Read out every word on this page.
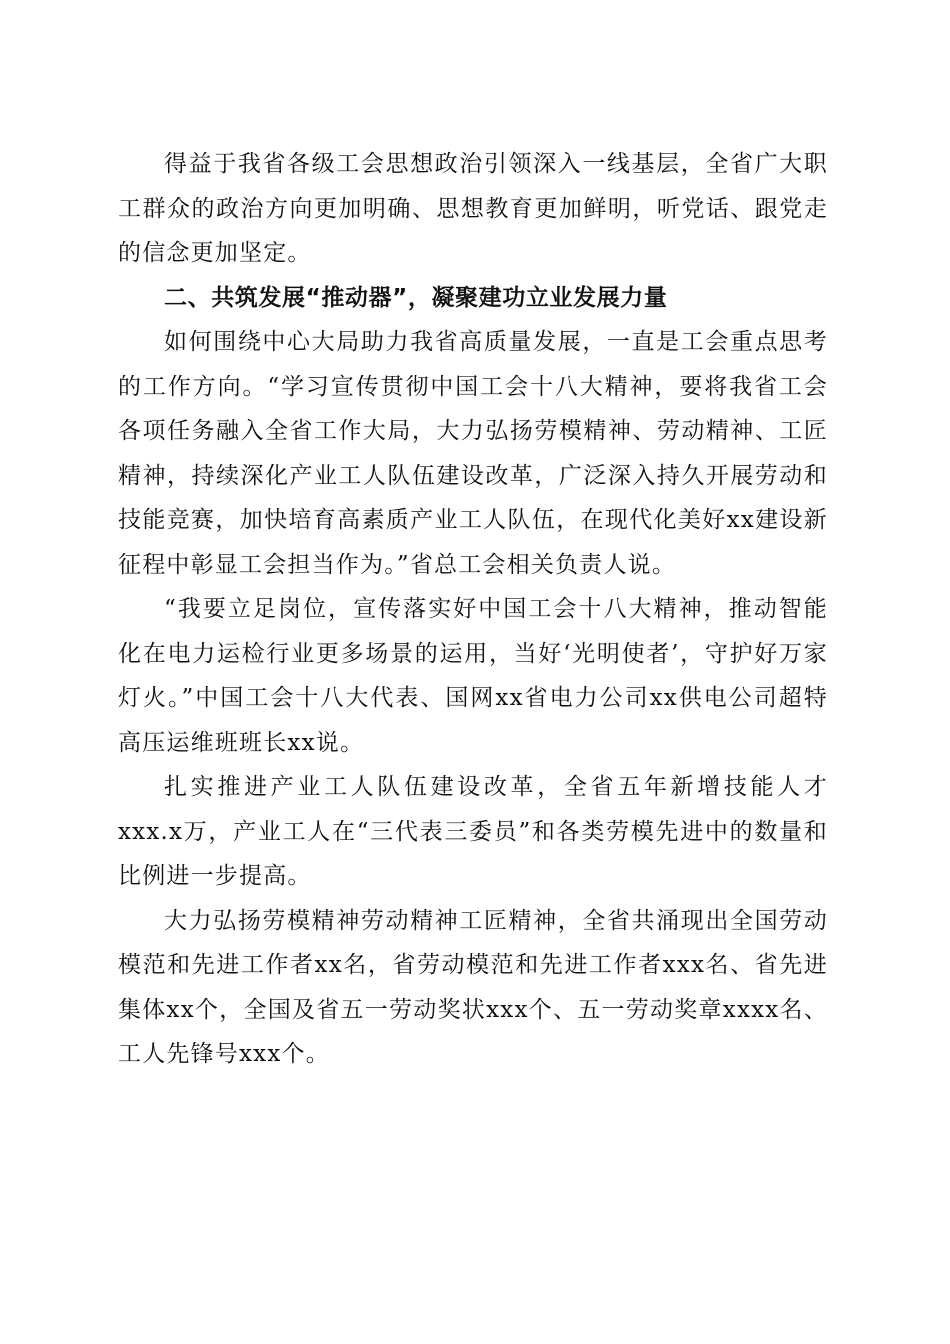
得益于我省各级工会思想政治引领深入一线基层，全省广大职工群众的政治方向更加明确、思想教育更加鲜明，听党话、跟党走的信念更加坚定。

二、共筑发展“推动器”，凝聚建功立业发展力量

如何围绕中心大局助力我省高质量发展，一直是工会重点思考的工作方向。“学习宣传贯彻中国工会十八大精神，要将我省工会各项任务融入全省工作大局，大力弘扬劳模精神、劳动精神、工匠精神，持续深化产业工人队伍建设改革，广泛深入持久开展劳动和技能竞赛，加快培育高素质产业工人队伍，在现代化美好xx建设新征程中彰显工会担当作为。”省总工会相关负责人说。

“我要立足岗位，宣传落实好中国工会十八大精神，推动智能化在电力运检行业更多场景的运用，当好‘光明使者’，守护好万家灯火。”中国工会十八大代表、国网xx省电力公司xx供电公司超特高压运维班班长xx说。

扎实推进产业工人队伍建设改革，全省五年新增技能人才xxx.x万，产业工人在“三代表三委员”和各类劳模先进中的数量和比例进一步提高。

大力弘扬劳模精神劳动精神工匠精神，全省共涌现出全国劳动模范和先进工作者xx名，省劳动模范和先进工作者xxx名、省先进集体xx个，全国及省五一劳动奖状xxx个、五一劳动奖章xxxx名、工人先锋号xxx个。
